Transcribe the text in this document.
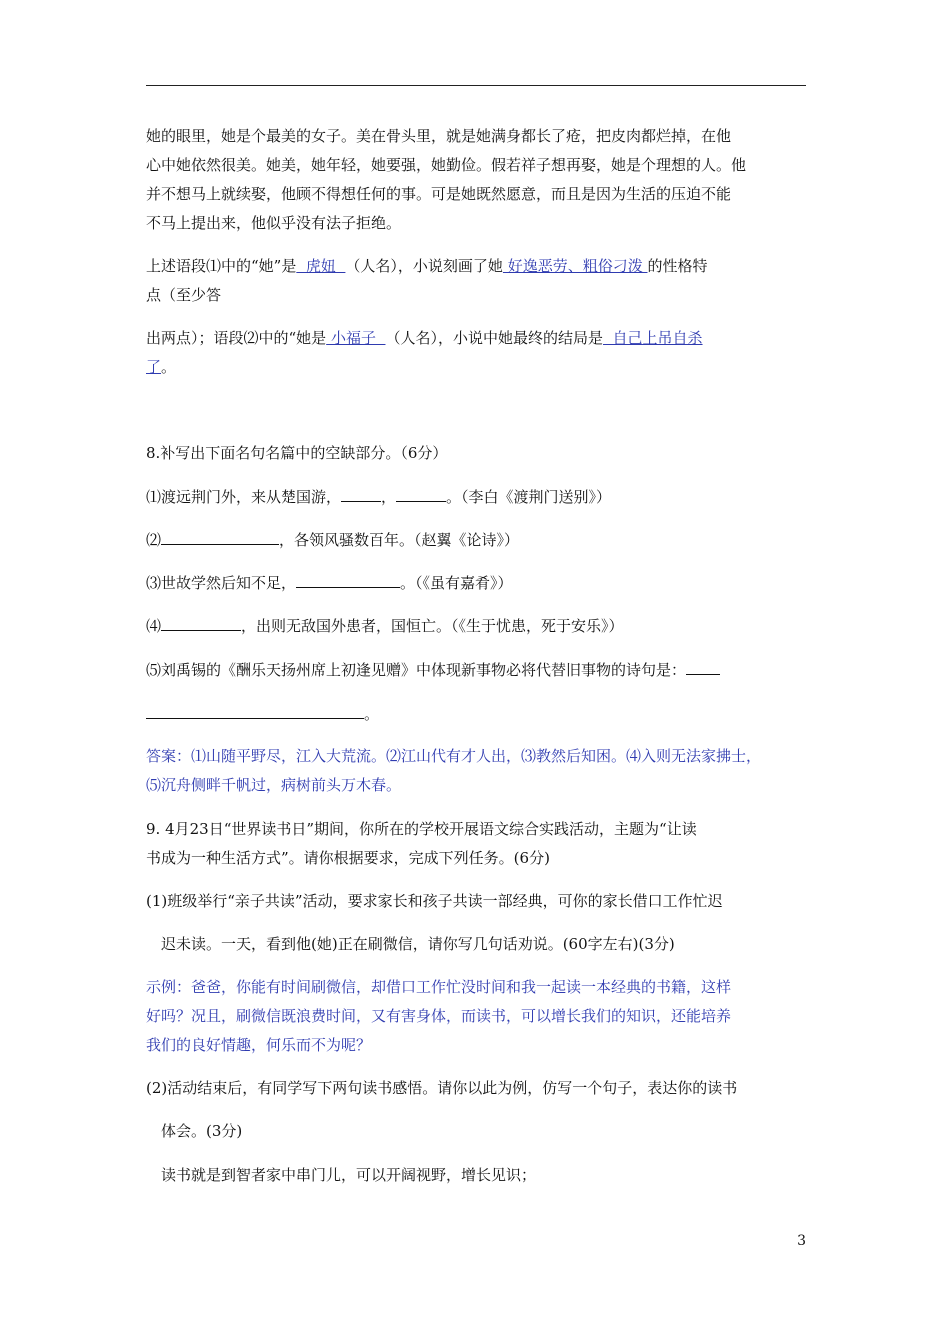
她的眼里，她是个最美的女子。美在骨头里，就是她满身都长了疮，把皮肉都烂掉，在他
心中她依然很美。她美，她年轻，她要强，她勤俭。假若祥子想再娶，她是个理想的人。他
并不想马上就续娶，他顾不得想任何的事。可是她既然愿意，而且是因为生活的压迫不能
不马上提出来，他似乎没有法子拒绝。
上述语段⑴中的“她”是  虎妞  （人名），小说刻画了她 好逸恶劳、粗俗刁泼 的性格特
点（至少答
出两点）；语段⑵中的“她是 小福子  （人名），小说中她最终的结局是  自己上吊自杀
了。
8.补写出下面名句名篇中的空缺部分。（6分）
⑴渡远荆门外，来从楚国游，	，	。（李白《渡荆门送别》）
⑵	，各领风骚数百年。（赵翼《论诗》）
⑶世故学然后知不足，	。（《虽有嘉肴》）
⑷	，出则无敌国外患者，国恒亡。（《生于忧患，死于安乐》）
⑸刘禹锡的《酬乐天扬州席上初逢见赠》中体现新事物必将代替旧事物的诗句是：
。
答案：⑴山随平野尽，江入大荒流。⑵江山代有才人出，⑶教然后知困。⑷入则无法家拂士，
⑸沉舟侧畔千帆过，病树前头万木春。
9. 4月23日“世界读书日”期间，你所在的学校开展语文综合实践活动，主题为“让读
书成为一种生活方式”。请你根据要求，完成下列任务。(6分)
(1)班级举行“亲子共读”活动，要求家长和孩子共读一部经典，可你的家长借口工作忙迟
迟未读。一天，看到他(她)正在刷微信，请你写几句话劝说。(60字左右)(3分)
示例：爸爸，你能有时间刷微信，却借口工作忙没时间和我一起读一本经典的书籍，这样
好吗？况且，刷微信既浪费时间，又有害身体，而读书，可以增长我们的知识，还能培养
我们的良好情趣，何乐而不为呢？
(2)活动结束后，有同学写下两句读书感悟。请你以此为例，仿写一个句子，表达你的读书
体会。(3分)
读书就是到智者家中串门儿，可以开阔视野，增长见识；
3
